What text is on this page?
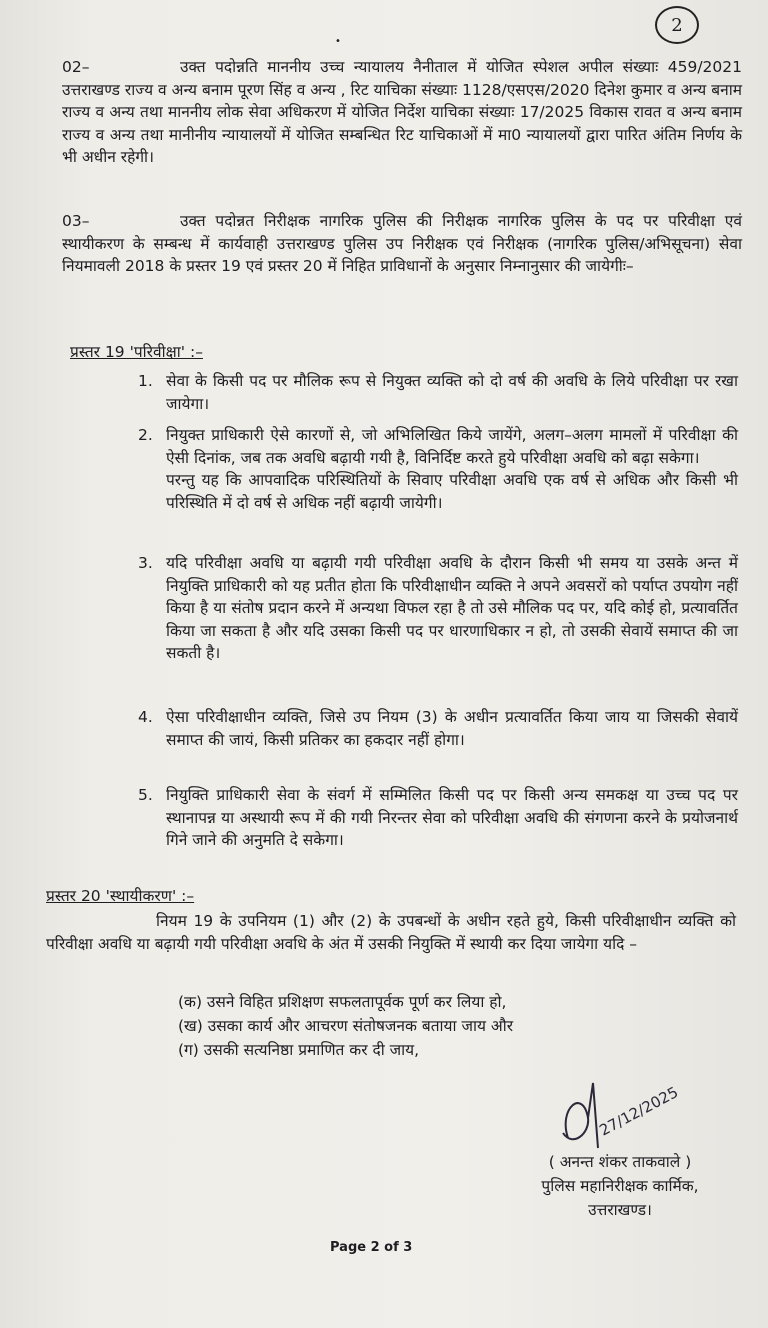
2
•
02–	उक्त पदोन्नति माननीय उच्च न्यायालय नैनीताल में योजित स्पेशल अपील संख्याः 459/2021 उत्तराखण्ड राज्य व अन्य बनाम पूरण सिंह व अन्य , रिट याचिका संख्याः 1128/एसएस/2020 दिनेश कुमार व अन्य बनाम राज्य व अन्य तथा माननीय लोक सेवा अधिकरण में योजित निर्देश याचिका संख्याः 17/2025 विकास रावत व अन्य बनाम राज्य व अन्य तथा मानीनीय न्यायालयों में योजित सम्बन्धित रिट याचिकाओं में मा0 न्यायालयों द्वारा पारित अंतिम निर्णय के भी अधीन रहेगी।
03–	उक्त पदोन्नत निरीक्षक नागरिक पुलिस की निरीक्षक नागरिक पुलिस के पद पर परिवीक्षा एवं स्थायीकरण के सम्बन्ध में कार्यवाही उत्तराखण्ड पुलिस उप निरीक्षक एवं निरीक्षक (नागरिक पुलिस/अभिसूचना) सेवा नियमावली 2018 के प्रस्तर 19 एवं प्रस्तर 20 में निहित प्राविधानों के अनुसार निम्नानुसार की जायेगीः–
प्रस्तर 19 'परिवीक्षा' :–
1. सेवा के किसी पद पर मौलिक रूप से नियुक्त व्यक्ति को दो वर्ष की अवधि के लिये परिवीक्षा पर रखा जायेगा।
2. नियुक्त प्राधिकारी ऐसे कारणों से, जो अभिलिखित किये जायेंगे, अलग–अलग मामलों में परिवीक्षा की ऐसी दिनांक, जब तक अवधि बढ़ायी गयी है, विनिर्दिष्ट करते हुये परिवीक्षा अवधि को बढ़ा सकेगा।
परन्तु यह कि आपवादिक परिस्थितियों के सिवाए परिवीक्षा अवधि एक वर्ष से अधिक और किसी भी परिस्थिति में दो वर्ष से अधिक नहीं बढ़ायी जायेगी।
3. यदि परिवीक्षा अवधि या बढ़ायी गयी परिवीक्षा अवधि के दौरान किसी भी समय या उसके अन्त में नियुक्ति प्राधिकारी को यह प्रतीत होता कि परिवीक्षाधीन व्यक्ति ने अपने अवसरों को पर्याप्त उपयोग नहीं किया है या संतोष प्रदान करने में अन्यथा विफल रहा है तो उसे मौलिक पद पर, यदि कोई हो, प्रत्यावर्तित किया जा सकता है और यदि उसका किसी पद पर धारणाधिकार न हो, तो उसकी सेवायें समाप्त की जा सकती है।
4. ऐसा परिवीक्षाधीन व्यक्ति, जिसे उप नियम (3) के अधीन प्रत्यावर्तित किया जाय या जिसकी सेवायें समाप्त की जायं, किसी प्रतिकर का हकदार नहीं होगा।
5. नियुक्ति प्राधिकारी सेवा के संवर्ग में सम्मिलित किसी पद पर किसी अन्य समकक्ष या उच्च पद पर स्थानापन्न या अस्थायी रूप में की गयी निरन्तर सेवा को परिवीक्षा अवधि की संगणना करने के प्रयोजनार्थ गिने जाने की अनुमति दे सकेगा।
प्रस्तर 20 'स्थायीकरण' :–
नियम 19 के उपनियम (1) और (2) के उपबन्धों के अधीन रहते हुये, किसी परिवीक्षाधीन व्यक्ति को परिवीक्षा अवधि या बढ़ायी गयी परिवीक्षा अवधि के अंत में उसकी नियुक्ति में स्थायी कर दिया जायेगा यदि –
(क) उसने विहित प्रशिक्षण सफलतापूर्वक पूर्ण कर लिया हो,
(ख) उसका कार्य और आचरण संतोषजनक बताया जाय और
(ग) उसकी सत्यनिष्ठा प्रमाणित कर दी जाय,
27/12/2025
( अनन्त शंकर ताकवाले )
पुलिस महानिरीक्षक कार्मिक,
उत्तराखण्ड।
Page 2 of 3
